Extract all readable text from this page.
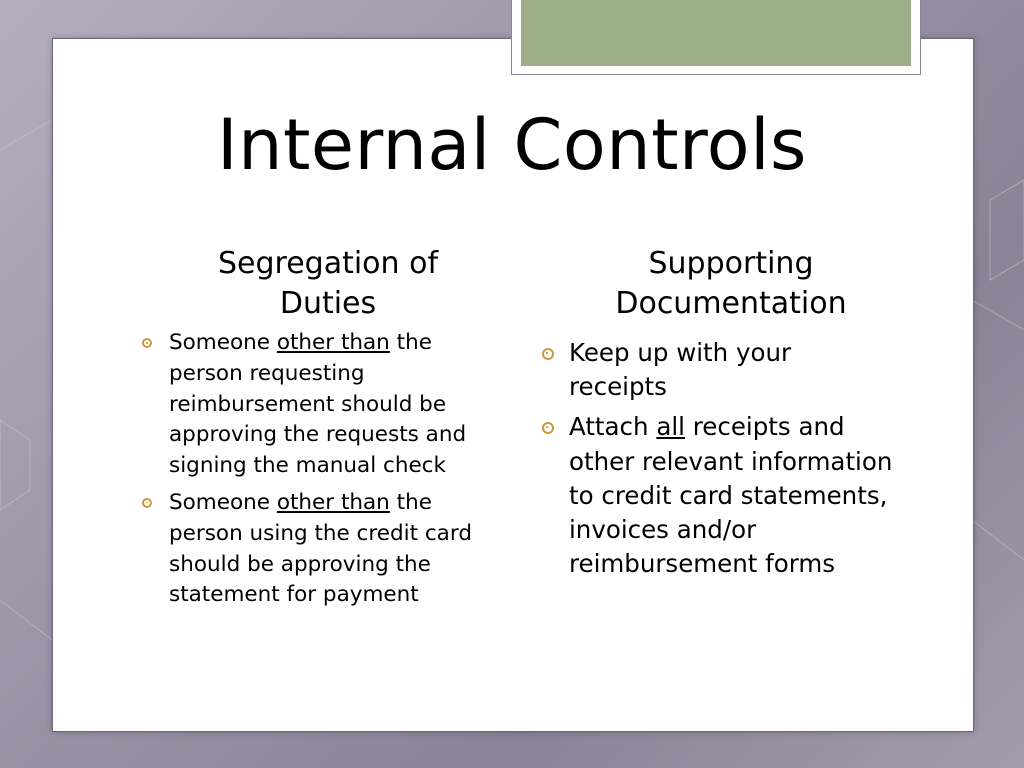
Internal Controls
Segregation of
Duties
Supporting
Documentation
Someone other than the person requesting reimbursement should be approving the requests and signing the manual check
Someone other than the person using the credit card should be approving the statement for payment
Keep up with your receipts
Attach all receipts and other relevant information to credit card statements, invoices and/or reimbursement forms
